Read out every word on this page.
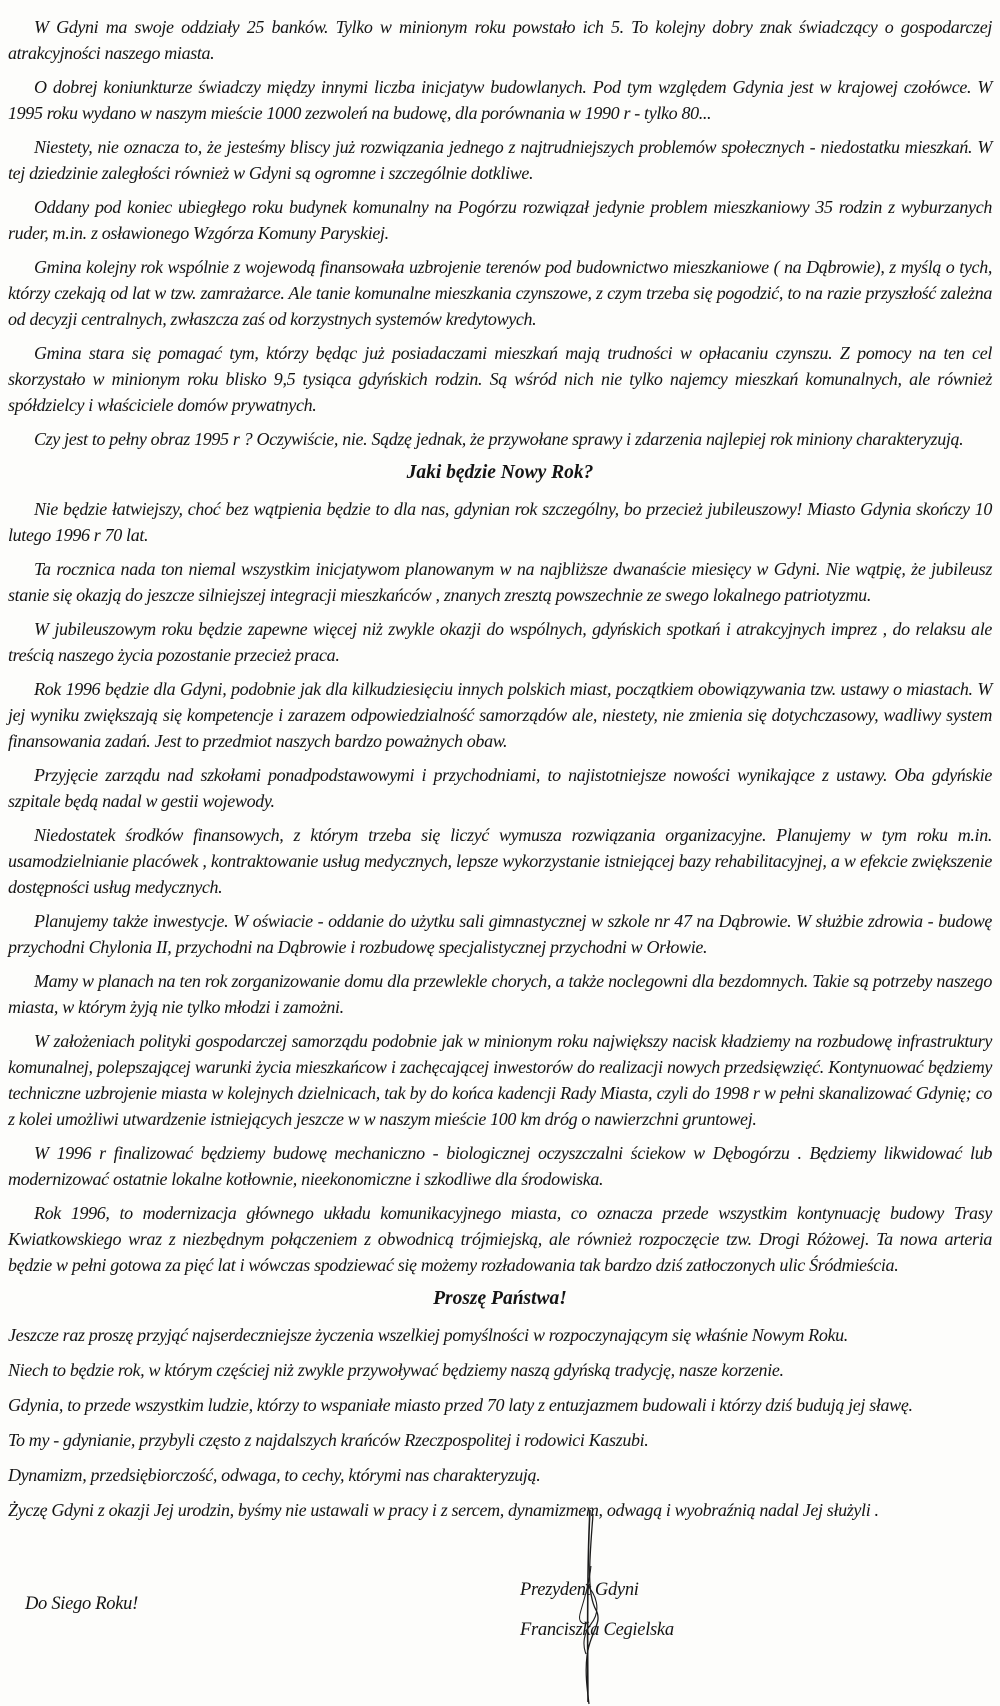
W Gdyni ma swoje oddziały 25 banków. Tylko w minionym roku powstało ich 5. To kolejny dobry znak świadczący o gospodarczej atrakcyjności naszego miasta.

O dobrej koniunkturze świadczy między innymi liczba inicjatyw budowlanych. Pod tym względem Gdynia jest w krajowej czołówce. W 1995 roku wydano w naszym mieście 1000 zezwoleń na budowę, dla porównania w 1990 r - tylko 80...

Niestety, nie oznacza to, że jesteśmy bliscy już rozwiązania jednego z najtrudniejszych problemów społecznych - niedostatku mieszkań. W tej dziedzinie zaległości również w Gdyni są ogromne i szczególnie dotkliwe.

Oddany pod koniec ubiegłego roku budynek komunalny na Pogórzu rozwiązał jedynie problem mieszkaniowy 35 rodzin z wyburzanych ruder, m.in. z osławionego Wzgórza Komuny Paryskiej.

Gmina kolejny rok wspólnie z wojewodą finansowała uzbrojenie terenów pod budownictwo mieszkaniowe ( na Dąbrowie), z myślą o tych, którzy czekają od lat w tzw. zamrażarce. Ale tanie komunalne mieszkania czynszowe, z czym trzeba się pogodzić, to na razie przyszłość zależna od decyzji centralnych, zwłaszcza zaś od korzystnych systemów kredytowych.

Gmina stara się pomagać tym, którzy będąc już posiadaczami mieszkań mają trudności w opłacaniu czynszu. Z pomocy na ten cel skorzystało w minionym roku blisko 9,5 tysiąca gdyńskich rodzin. Są wśród nich nie tylko najemcy mieszkań komunalnych, ale również spółdzielcy i właściciele domów prywatnych.

Czy jest to pełny obraz 1995 r ? Oczywiście, nie. Sądzę jednak, że przywołane sprawy i zdarzenia najlepiej rok miniony charakteryzują.

Jaki będzie Nowy Rok?

Nie będzie łatwiejszy, choć bez wątpienia będzie to dla nas, gdynian rok szczególny, bo przecież jubileuszowy! Miasto Gdynia skończy 10 lutego 1996 r 70 lat.

Ta rocznica nada ton niemal wszystkim inicjatywom planowanym w na najbliższe dwanaście miesięcy w Gdyni. Nie wątpię, że jubileusz stanie się okazją do jeszcze silniejszej integracji mieszkańców , znanych zresztą powszechnie ze swego lokalnego patriotyzmu.

W jubileuszowym roku będzie zapewne więcej niż zwykle okazji do wspólnych, gdyńskich spotkań i atrakcyjnych imprez , do relaksu ale treścią naszego życia pozostanie przecież praca.

Rok 1996 będzie dla Gdyni, podobnie jak dla kilkudziesięciu innych polskich miast, początkiem obowiązywania tzw. ustawy o miastach. W jej wyniku zwiększają się kompetencje i zarazem odpowiedzialność samorządów ale, niestety, nie zmienia się dotychczasowy, wadliwy system finansowania zadań. Jest to przedmiot naszych bardzo poważnych obaw.

Przyjęcie zarządu nad szkołami ponadpodstawowymi i przychodniami, to najistotniejsze nowości wynikające z ustawy. Oba gdyńskie szpitale będą nadal w gestii wojewody.

Niedostatek środków finansowych, z którym trzeba się liczyć wymusza rozwiązania organizacyjne. Planujemy w tym roku m.in. usamodzielnianie placówek , kontraktowanie usług medycznych, lepsze wykorzystanie istniejącej bazy rehabilitacyjnej, a w efekcie zwiększenie dostępności usług medycznych.

Planujemy także inwestycje. W oświacie - oddanie do użytku sali gimnastycznej w szkole nr 47 na Dąbrowie. W służbie zdrowia - budowę przychodni Chylonia II, przychodni na Dąbrowie i rozbudowę specjalistycznej przychodni w Orłowie.

Mamy w planach na ten rok zorganizowanie domu dla przewlekle chorych, a także noclegowni dla bezdomnych. Takie są potrzeby naszego miasta, w którym żyją nie tylko młodzi i zamożni.

W założeniach polityki gospodarczej samorządu podobnie jak w minionym roku największy nacisk kładziemy na rozbudowę infrastruktury komunalnej, polepszającej warunki życia mieszkańcow i zachęcającej inwestorów do realizacji nowych przedsięwzięć. Kontynuować będziemy techniczne uzbrojenie miasta w kolejnych dzielnicach, tak by do końca kadencji Rady Miasta, czyli do 1998 r w pełni skanalizować Gdynię; co z kolei umożliwi utwardzenie istniejących jeszcze w w naszym mieście 100 km dróg o nawierzchni gruntowej.

W 1996 r finalizować będziemy budowę mechaniczno - biologicznej oczyszczalni ściekow w Dębogórzu . Będziemy likwidować lub modernizować ostatnie lokalne kotłownie, nieekonomiczne i szkodliwe dla środowiska.

Rok 1996, to modernizacja głównego układu komunikacyjnego miasta, co oznacza przede wszystkim kontynuację budowy Trasy Kwiatkowskiego wraz z niezbędnym połączeniem z obwodnicą trójmiejską, ale również rozpoczęcie tzw. Drogi Różowej. Ta nowa arteria będzie w pełni gotowa za pięć lat i wówczas spodziewać się możemy rozładowania tak bardzo dziś zatłoczonych ulic Śródmieścia.

Proszę Państwa!

Jeszcze raz proszę przyjąć najserdeczniejsze życzenia wszelkiej pomyślności w rozpoczynającym się właśnie Nowym Roku.

Niech to będzie rok, w którym częściej niż zwykle przywoływać będziemy naszą gdyńską tradycję, nasze korzenie.

Gdynia, to przede wszystkim ludzie, którzy to wspaniałe miasto przed 70 laty z entuzjazmem budowali i którzy dziś budują jej sławę.

To my - gdynianie, przybyli często z najdalszych krańców Rzeczpospolitej i rodowici Kaszubi.

Dynamizm, przedsiębiorczość, odwaga, to cechy, którymi nas charakteryzują.

Życzę Gdyni z okazji Jej urodzin, byśmy nie ustawali w pracy i z sercem, dynamizmem, odwagą i wyobraźnią nadal Jej służyli .

Do Siego Roku!

Prezydent Gdyni

Franciszka Cegielska
